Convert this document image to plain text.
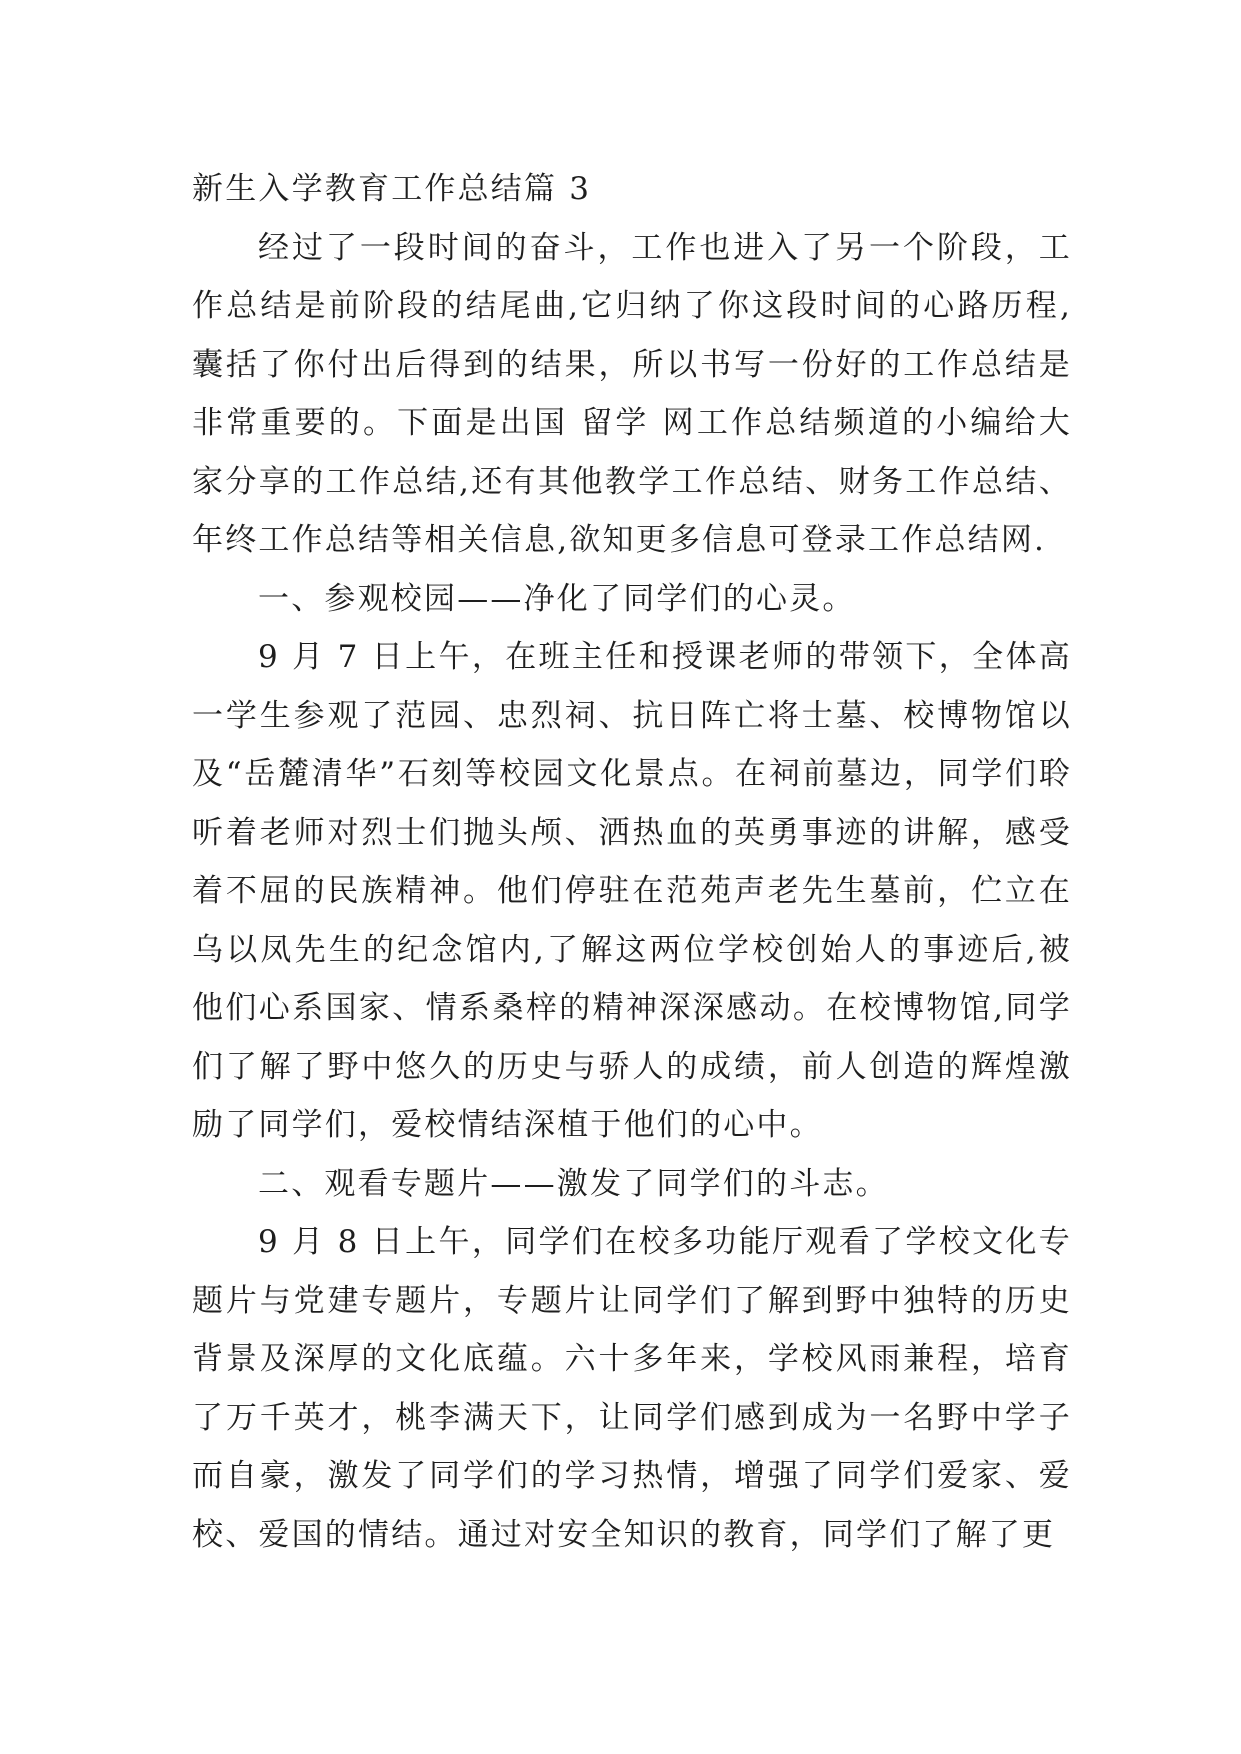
新生入学教育工作总结篇 3

经过了一段时间的奋斗，工作也进入了另一个阶段，工作总结是前阶段的结尾曲,它归纳了你这段时间的心路历程,囊括了你付出后得到的结果，所以书写一份好的工作总结是非常重要的。下面是出国 留学 网工作总结频道的小编给大家分享的工作总结,还有其他教学工作总结、财务工作总结、年终工作总结等相关信息,欲知更多信息可登录工作总结网.

一、参观校园——净化了同学们的心灵。

9 月 7 日上午，在班主任和授课老师的带领下，全体高一学生参观了范园、忠烈祠、抗日阵亡将士墓、校博物馆以及“岳麓清华”石刻等校园文化景点。在祠前墓边，同学们聆听着老师对烈士们抛头颅、洒热血的英勇事迹的讲解，感受着不屈的民族精神。他们停驻在范苑声老先生墓前，伫立在乌以凤先生的纪念馆内,了解这两位学校创始人的事迹后,被他们心系国家、情系桑梓的精神深深感动。在校博物馆,同学们了解了野中悠久的历史与骄人的成绩，前人创造的辉煌激励了同学们，爱校情结深植于他们的心中。

二、观看专题片——激发了同学们的斗志。

9 月 8 日上午，同学们在校多功能厅观看了学校文化专题片与党建专题片，专题片让同学们了解到野中独特的历史背景及深厚的文化底蕴。六十多年来，学校风雨兼程，培育了万千英才，桃李满天下，让同学们感到成为一名野中学子而自豪，激发了同学们的学习热情，增强了同学们爱家、爱校、爱国的情结。通过对安全知识的教育，同学们了解了更
